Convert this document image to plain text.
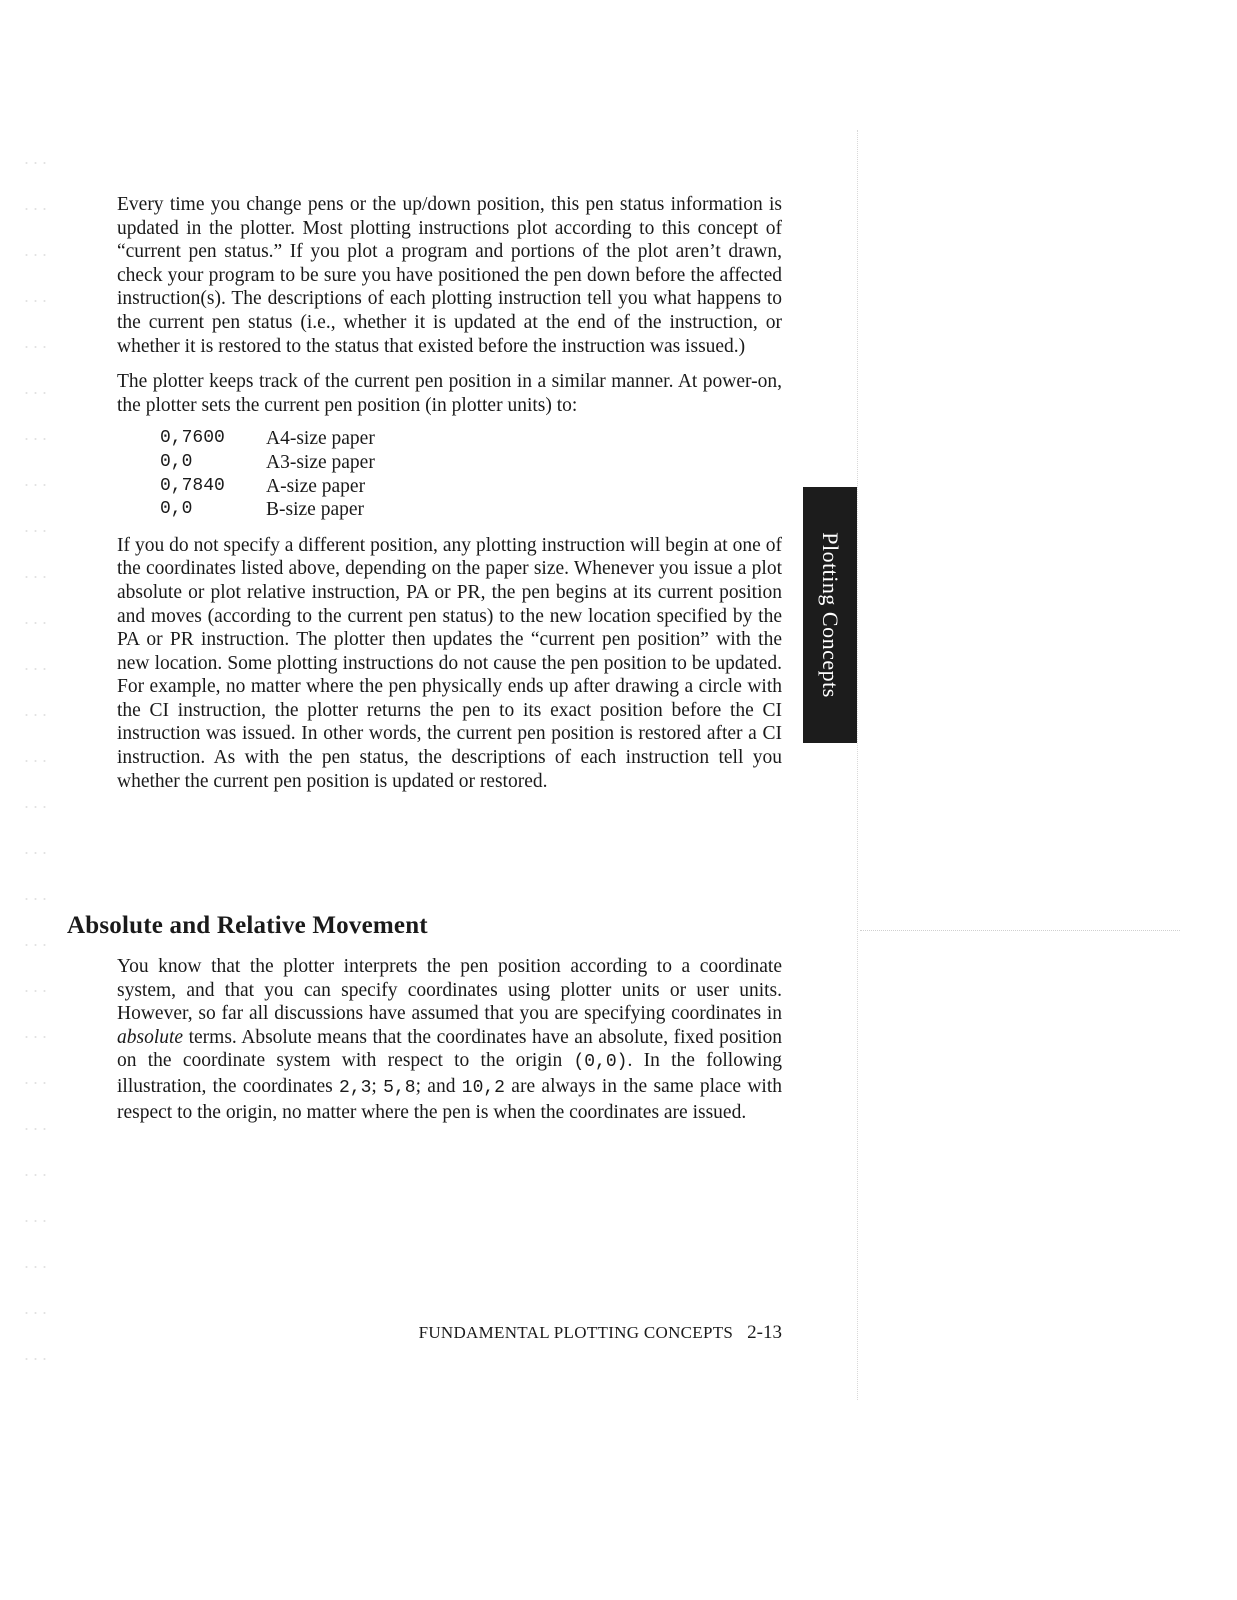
Every time you change pens or the up/down position, this pen status information is updated in the plotter. Most plotting instructions plot according to this concept of “current pen status.” If you plot a program and portions of the plot aren’t drawn, check your program to be sure you have positioned the pen down before the affected instruction(s). The descriptions of each plotting instruction tell you what happens to the current pen status (i.e., whether it is updated at the end of the instruction, or whether it is restored to the status that existed before the instruction was issued.)

The plotter keeps track of the current pen position in a similar manner. At power-on, the plotter sets the current pen position (in plotter units) to:

0,7600	A4-size paper
0,0	A3-size paper
0,7840	A-size paper
0,0	B-size paper

If you do not specify a different position, any plotting instruction will begin at one of the coordinates listed above, depending on the paper size. Whenever you issue a plot absolute or plot relative instruction, PA or PR, the pen begins at its current position and moves (according to the current pen status) to the new location specified by the PA or PR instruction. The plotter then updates the “current pen position” with the new location. Some plotting instructions do not cause the pen position to be updated. For example, no matter where the pen physically ends up after drawing a circle with the CI instruction, the plotter returns the pen to its exact position before the CI instruction was issued. In other words, the current pen position is restored after a CI instruction. As with the pen status, the descriptions of each instruction tell you whether the current pen position is updated or restored.

Absolute and Relative Movement

You know that the plotter interprets the pen position according to a coordinate system, and that you can specify coordinates using plotter units or user units. However, so far all discussions have assumed that you are specifying coordinates in absolute terms. Absolute means that the coordinates have an absolute, fixed position on the coordinate system with respect to the origin (0,0). In the following illustration, the coordinates 2,3; 5,8; and 10,2 are always in the same place with respect to the origin, no matter where the pen is when the coordinates are issued.

Plotting Concepts
FUNDAMENTAL PLOTTING CONCEPTS 2-13
